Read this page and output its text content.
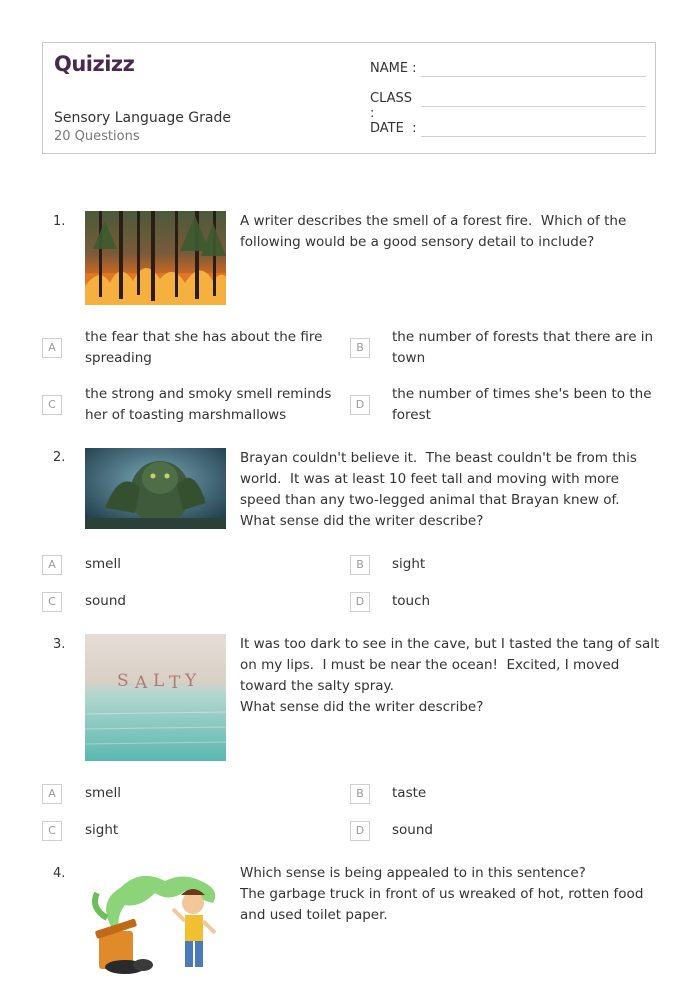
Quizizz
Sensory Language Grade
20 Questions
NAME :
CLASS :
DATE  :
1.	A writer describes the smell of a forest fire.  Which of the following would be a good sensory detail to include?
A
the fear that she has about the fire spreading
B
the number of forests that there are in town
C
the strong and smoky smell reminds her of toasting marshmallows
D
the number of times she's been to the forest
2.	Brayan couldn't believe it.  The beast couldn't be from this world.  It was at least 10 feet tall and moving with more speed than any two-legged animal that Brayan knew of.  What sense did the writer describe?
A	smell	B	sight
C	sound	D	touch
3.
S A L T Y
It was too dark to see in the cave, but I tasted the tang of salt on my lips.  I must be near the ocean!  Excited, I moved toward the salty spray.
What sense did the writer describe?
A	smell	B	taste
C	sight	D	sound
4.	Which sense is being appealed to in this sentence?
The garbage truck in front of us wreaked of hot, rotten food and used toilet paper.
